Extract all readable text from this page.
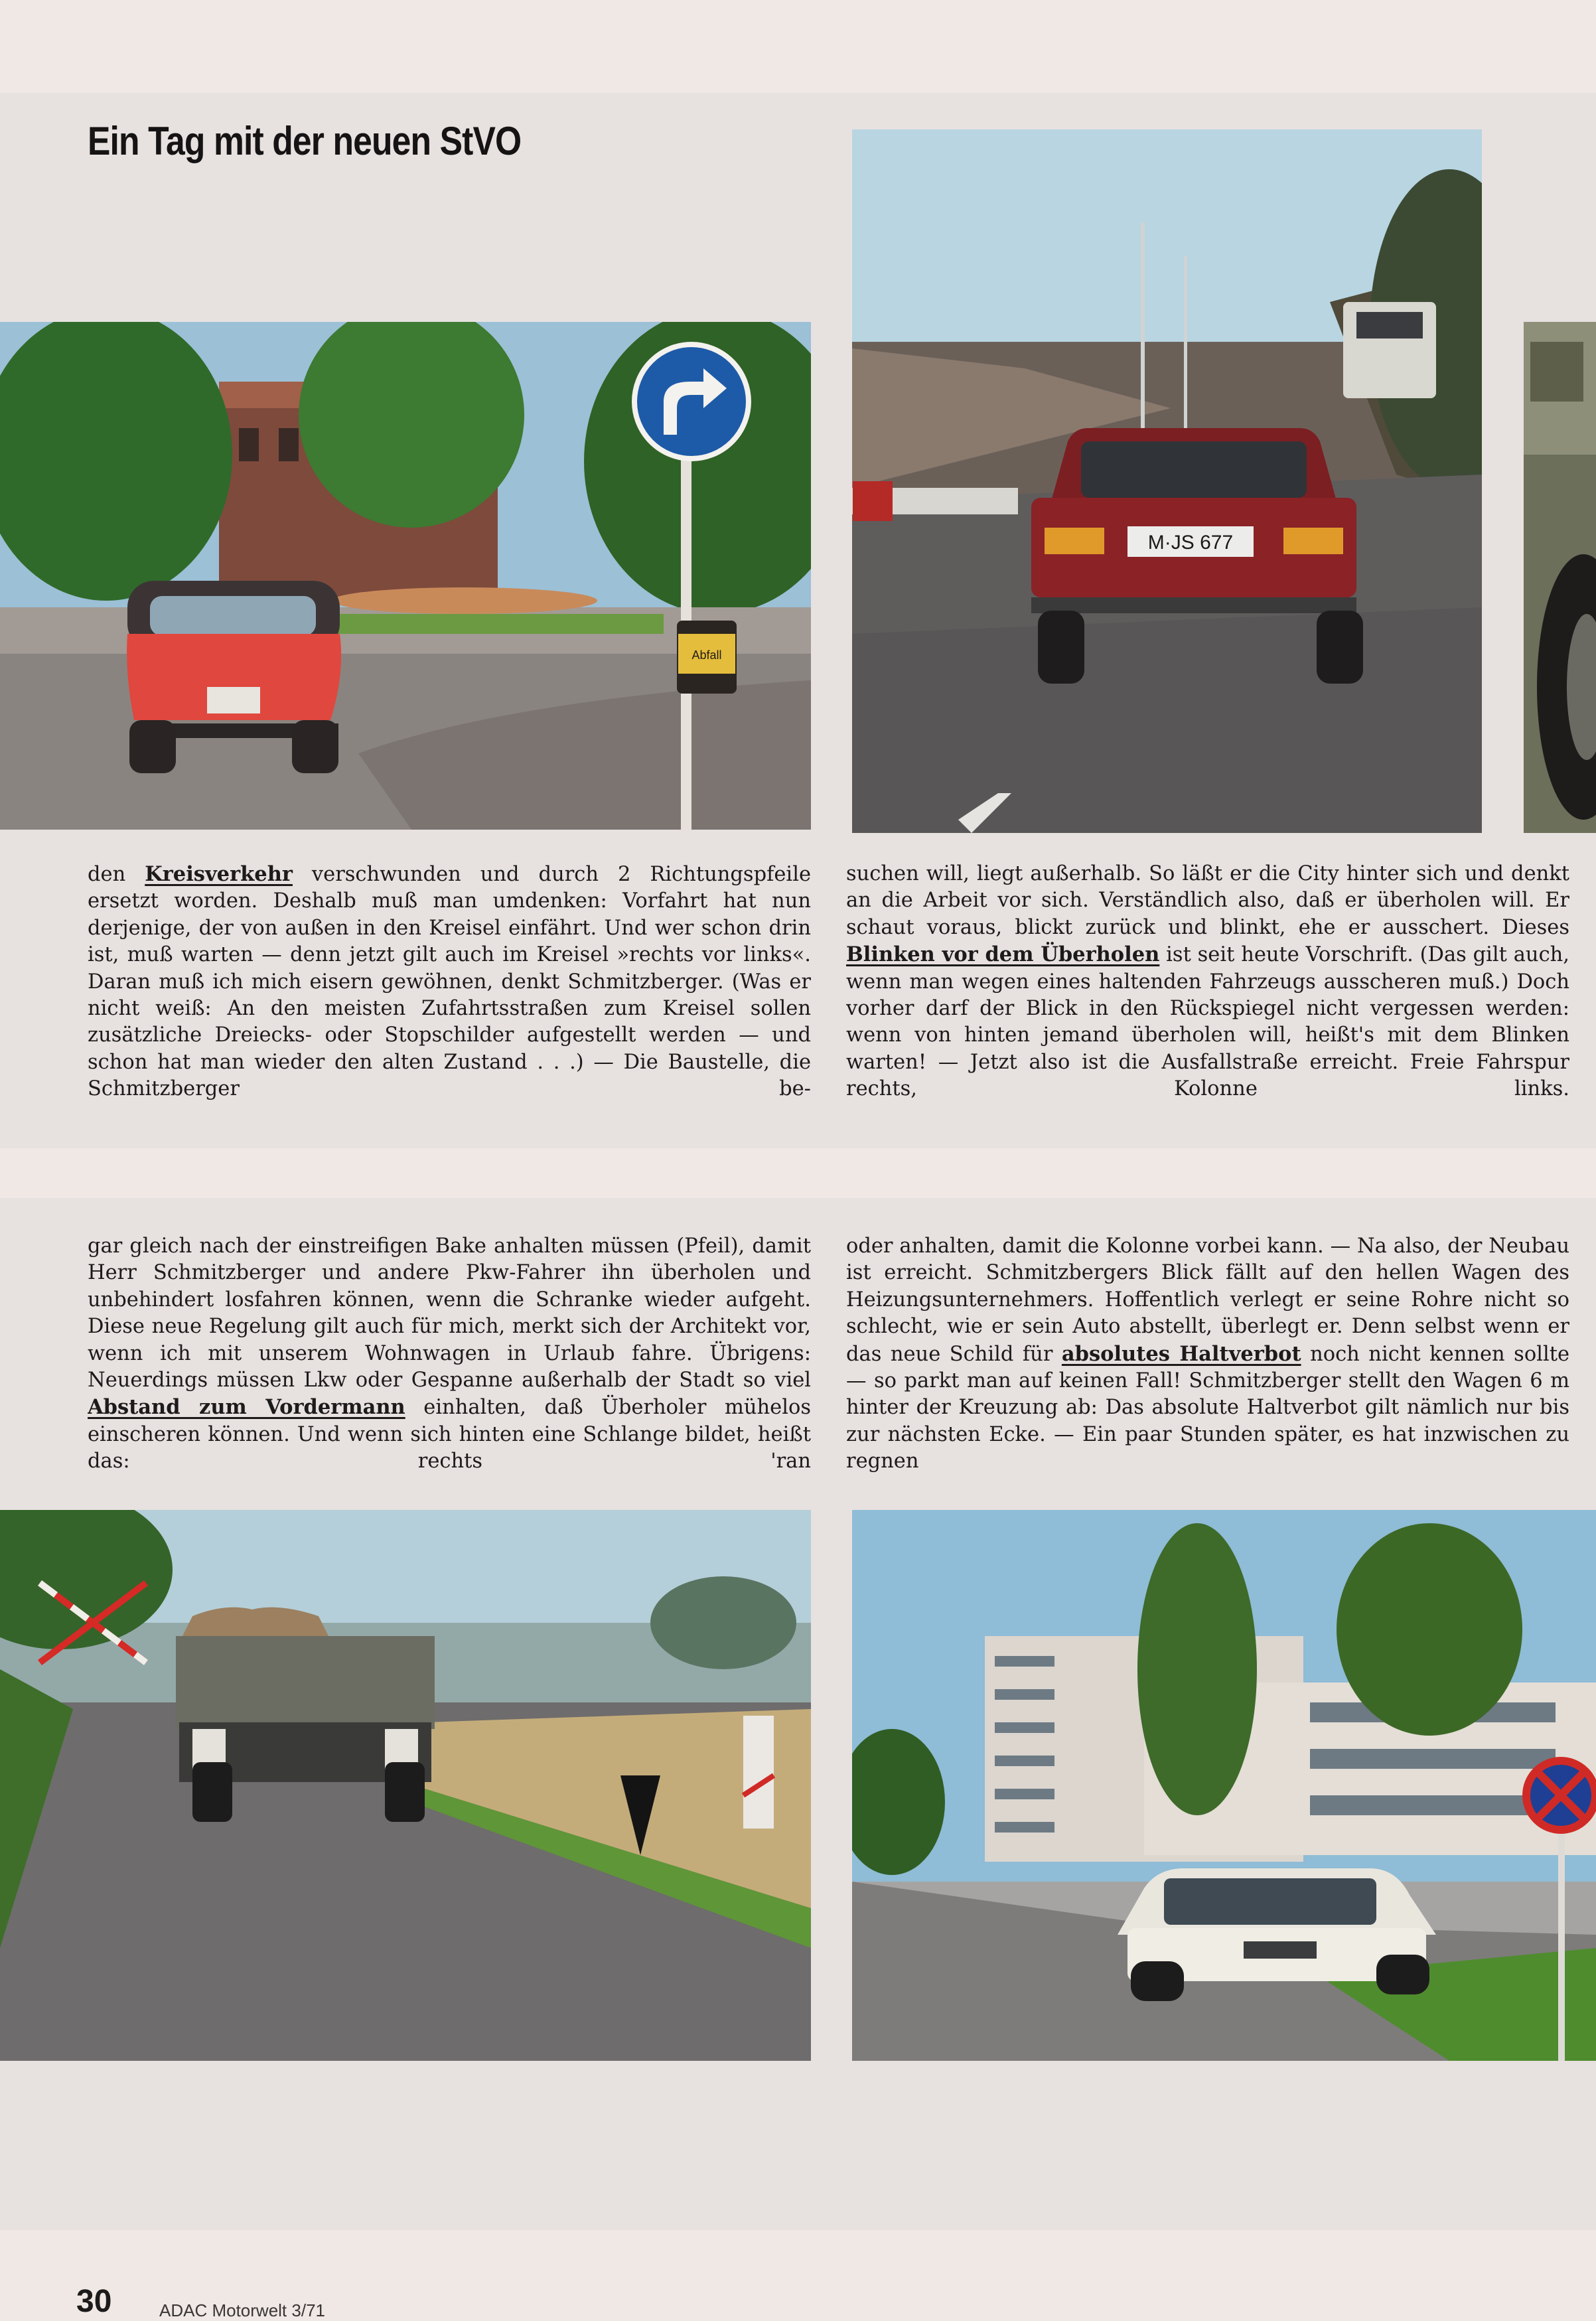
Ein Tag mit der neuen StVO
Abfall
M·JS 677

den Kreisverkehr verschwunden und durch 2 Richtungspfeile ersetzt worden. Deshalb muß man umdenken: Vorfahrt hat nun derjenige, der von außen in den Kreisel einfährt. Und wer schon drin ist, muß warten — denn jetzt gilt auch im Kreisel »rechts vor links«. Daran muß ich mich eisern gewöhnen, denkt Schmitzberger. (Was er nicht weiß: An den meisten Zufahrtsstraßen zum Kreisel sollen zusätzliche Dreiecks- oder Stopschilder aufgestellt werden — und schon hat man wieder den alten Zustand . . .) — Die Baustelle, die Schmitzberger be-

suchen will, liegt außerhalb. So läßt er die City hinter sich und denkt an die Arbeit vor sich. Verständlich also, daß er überholen will. Er schaut voraus, blickt zurück und blinkt, ehe er ausschert. Dieses Blinken vor dem Überholen ist seit heute Vorschrift. (Das gilt auch, wenn man wegen eines haltenden Fahrzeugs ausscheren muß.) Doch vorher darf der Blick in den Rückspiegel nicht vergessen werden: wenn von hinten jemand überholen will, heißt's mit dem Blinken warten! — Jetzt also ist die Ausfallstraße erreicht. Freie Fahrspur rechts, Kolonne links.

gar gleich nach der einstreifigen Bake anhalten müssen (Pfeil), damit Herr Schmitzberger und andere Pkw-Fahrer ihn überholen und unbehindert losfahren können, wenn die Schranke wieder aufgeht. Diese neue Regelung gilt auch für mich, merkt sich der Architekt vor, wenn ich mit unserem Wohnwagen in Urlaub fahre. Übrigens: Neuerdings müssen Lkw oder Gespanne außerhalb der Stadt so viel Abstand zum Vordermann einhalten, daß Überholer mühelos einscheren können. Und wenn sich hinten eine Schlange bildet, heißt das: rechts 'ran

oder anhalten, damit die Kolonne vorbei kann. — Na also, der Neubau ist erreicht. Schmitzbergers Blick fällt auf den hellen Wagen des Heizungsunternehmers. Hoffentlich verlegt er seine Rohre nicht so schlecht, wie er sein Auto abstellt, überlegt er. Denn selbst wenn er das neue Schild für absolutes Haltverbot noch nicht kennen sollte — so parkt man auf keinen Fall! Schmitzberger stellt den Wagen 6 m hinter der Kreuzung ab: Das absolute Haltverbot gilt nämlich nur bis zur nächsten Ecke. — Ein paar Stunden später, es hat inzwischen zu regnen

30	ADAC Motorwelt 3/71
